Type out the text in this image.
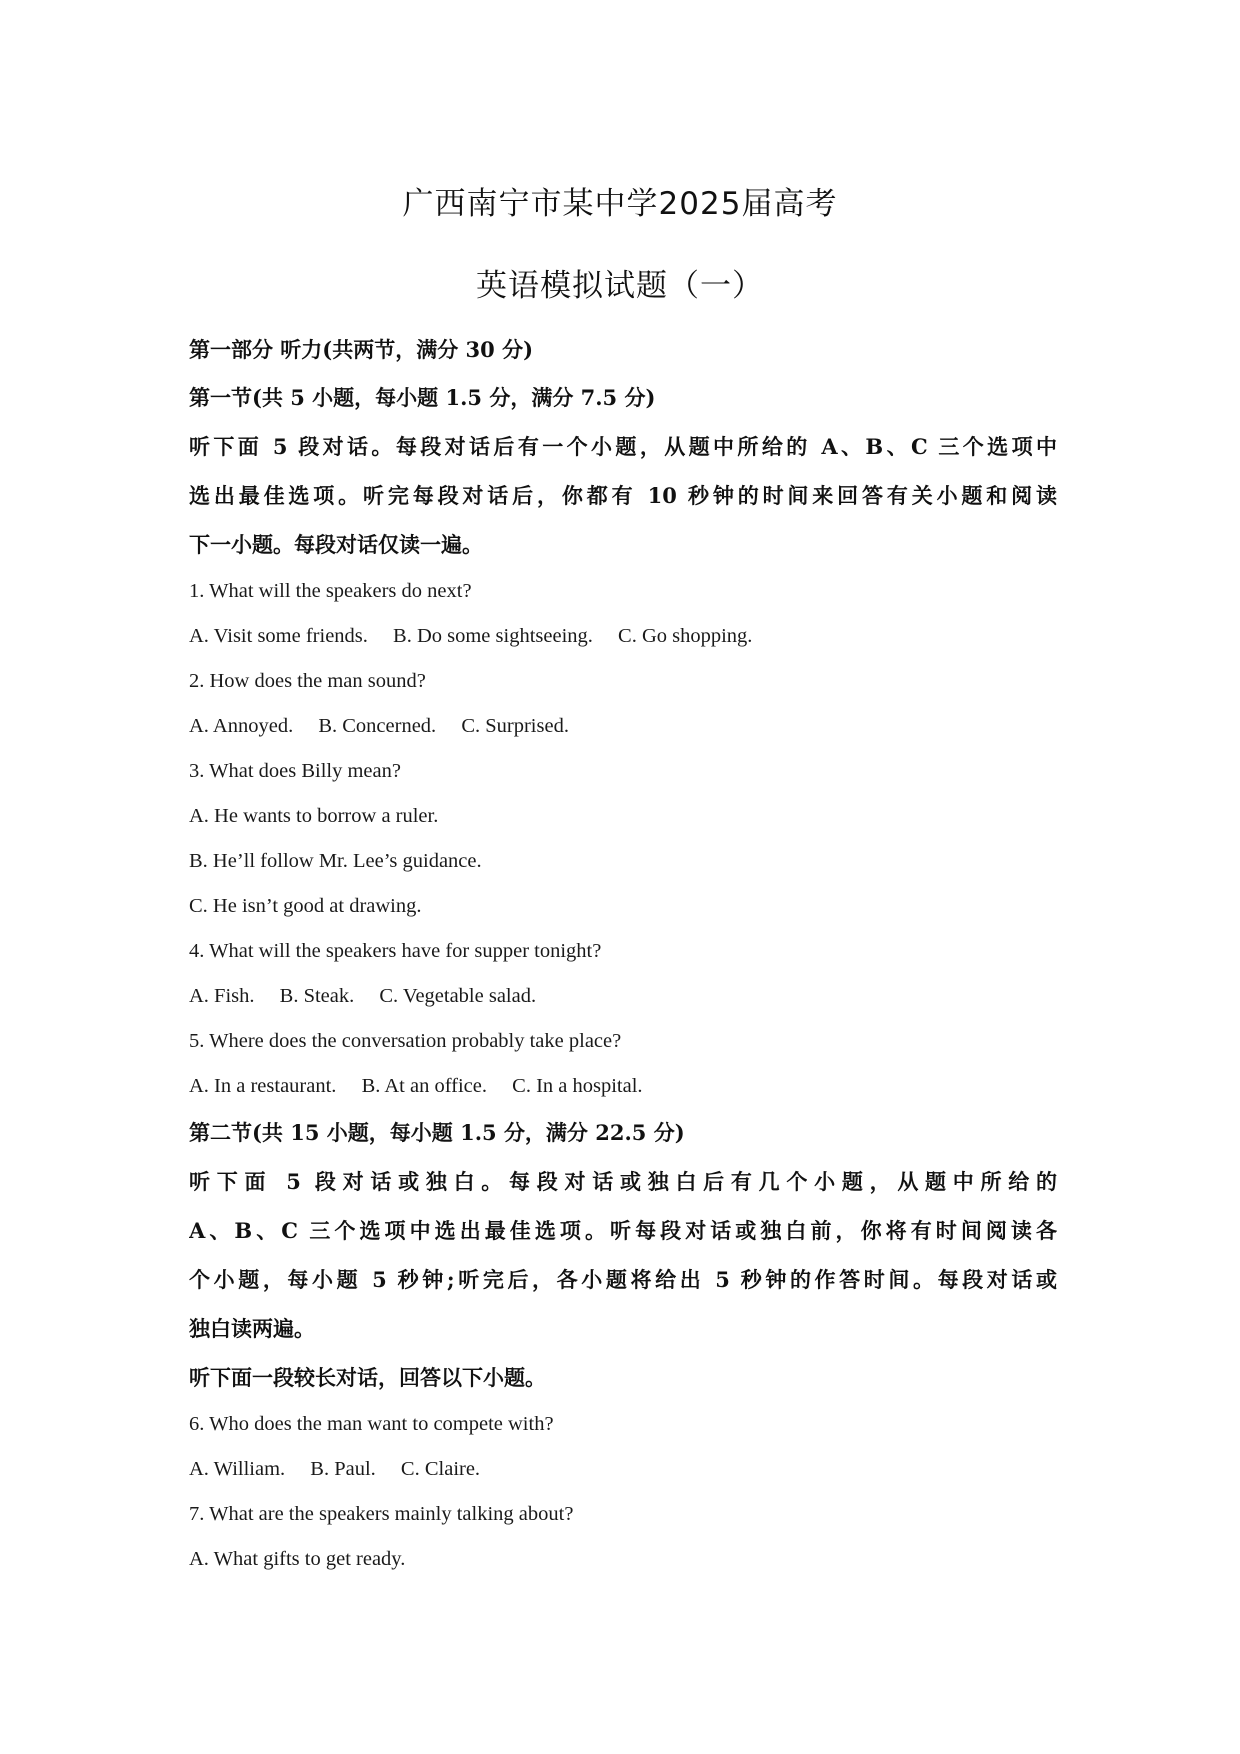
广西南宁市某中学2025届高考
英语模拟试题（一）
第一部分 听力(共两节，满分 30 分)
第一节(共 5 小题，每小题 1.5 分，满分 7.5 分)
听下面 5 段对话。每段对话后有一个小题，从题中所给的 A、B、C 三个选项中
选出最佳选项。听完每段对话后，你都有 10 秒钟的时间来回答有关小题和阅读
下一小题。每段对话仅读一遍。
1. What will the speakers do next?
A. Visit some friends. B. Do some sightseeing. C. Go shopping.
2. How does the man sound?
A. Annoyed. B. Concerned. C. Surprised.
3. What does Billy mean?
A. He wants to borrow a ruler.
B. He’ll follow Mr. Lee’s guidance.
C. He isn’t good at drawing.
4. What will the speakers have for supper tonight?
A. Fish. B. Steak. C. Vegetable salad.
5. Where does the conversation probably take place?
A. In a restaurant. B. At an office. C. In a hospital.
第二节(共 15 小题，每小题 1.5 分，满分 22.5 分)
听下面 5 段对话或独白。每段对话或独白后有几个小题，从题中所给的
A、B、C 三个选项中选出最佳选项。听每段对话或独白前，你将有时间阅读各
个小题，每小题 5 秒钟;听完后，各小题将给出 5 秒钟的作答时间。每段对话或
独白读两遍。
听下面一段较长对话，回答以下小题。
6. Who does the man want to compete with?
A. William. B. Paul. C. Claire.
7. What are the speakers mainly talking about?
A. What gifts to get ready.
